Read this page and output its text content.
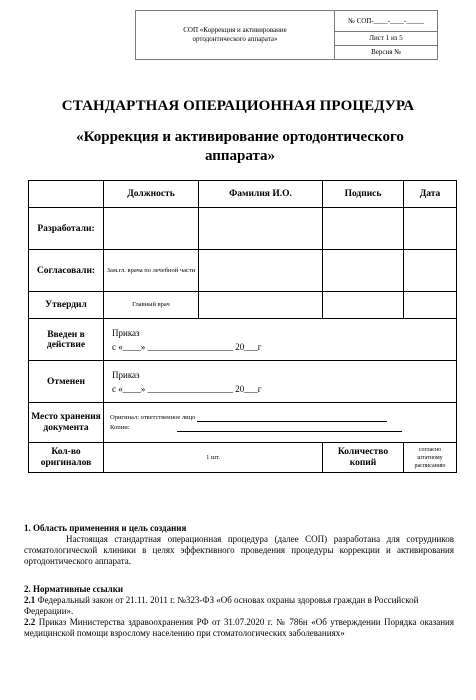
СОП «Коррекция и активирование
ортодонтического аппарата»	№ СОП-____-____-_____
Лист 1 из 5
Версия №
СТАНДАРТНАЯ ОПЕРАЦИОННАЯ ПРОЦЕДУРА
«Коррекция и активирование ортодонтического аппарата»
	Должность	Фамилия И.О.	Подпись	Дата
Разработали:				
Согласовали:	Зам.гл. врача по лечебной части			
Утвердил	Главный врач			
Введен в действие	Приказ
с «____» ___________________ 20___г			

Отменен	Приказ
с «____» ___________________ 20___г			

Место хранения документа	Оригинал: ответственное лицо
Копии:			

Кол-во оригиналов	1 шт.		Количество копий	согласно штатному расписанию
1. Область применения и цель создания
Настоящая стандартная операционная процедура (далее СОП) разработана для сотрудников стоматологической клиники в целях эффективного проведения процедуры коррекции и активирования ортодонтического аппарата.
2. Нормативные ссылки
2.1 Федеральный закон от 21.11. 2011 г. №323-ФЗ «Об основах охраны здоровья граждан в Российской Федерации».
2.2 Приказ Министерства здравоохранения РФ от 31.07.2020 г. № 786н «Об утверждении Порядка оказания медицинской помощи взрослому населению при стоматологических заболеваниях»
